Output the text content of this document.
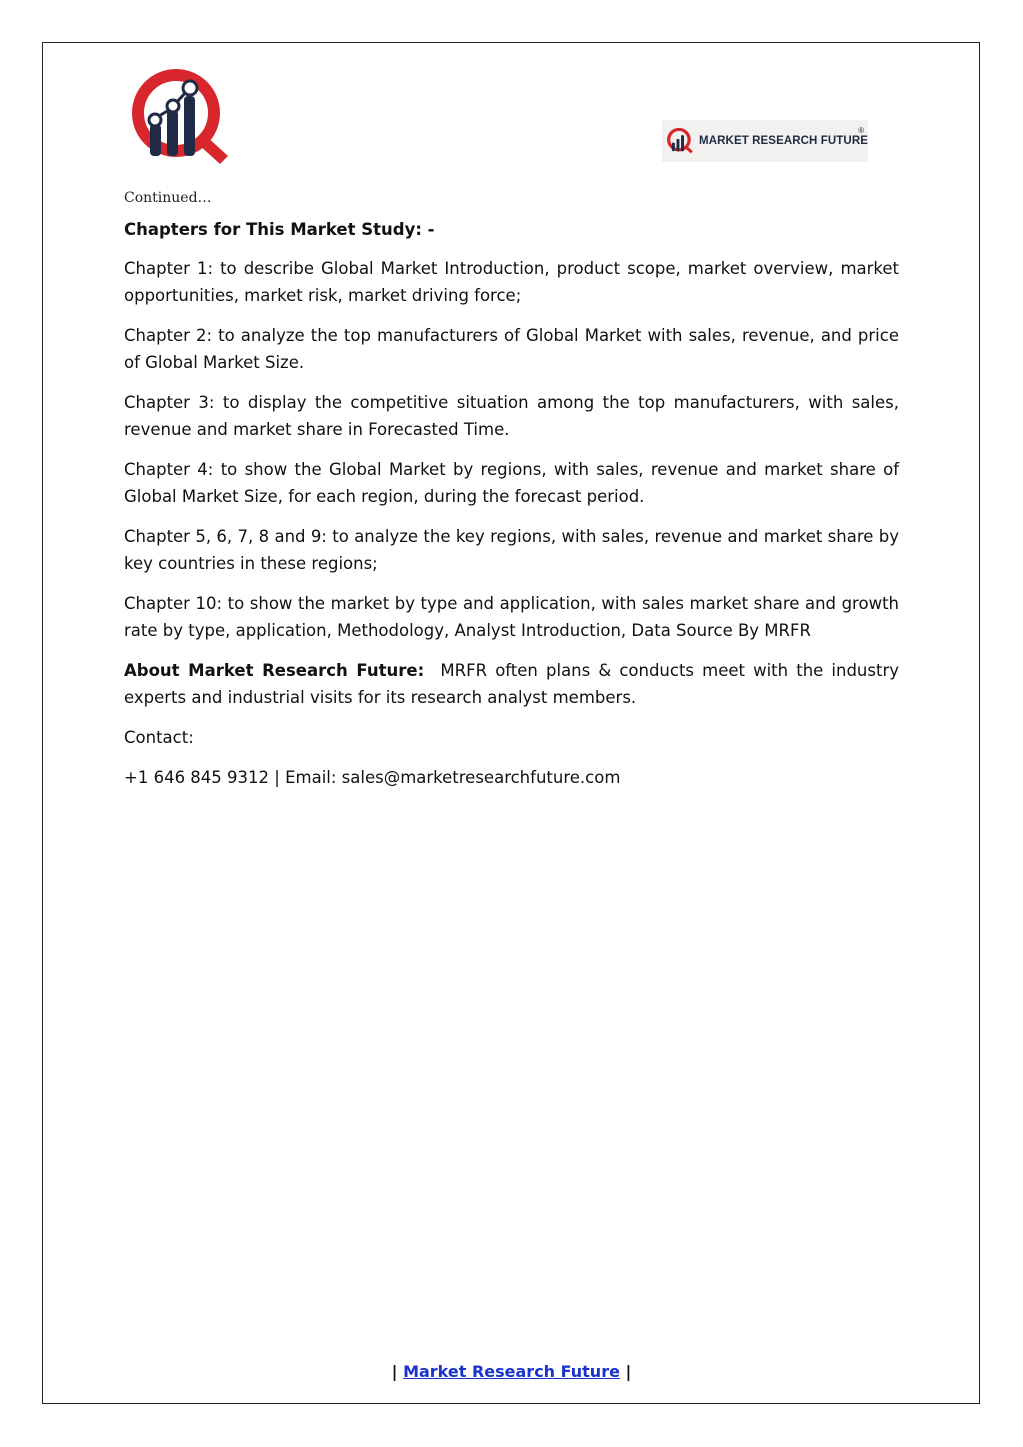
MARKET RESEARCH FUTURE
®

Continued…

Chapters for This Market Study: -

Chapter 1: to describe Global Market Introduction, product scope, market overview, market opportunities, market risk, market driving force;

Chapter 2: to analyze the top manufacturers of Global Market with sales, revenue, and price of Global Market Size.

Chapter 3: to display the competitive situation among the top manufacturers, with sales, revenue and market share in Forecasted Time.

Chapter 4: to show the Global Market by regions, with sales, revenue and market share of Global Market Size, for each region, during the forecast period.

Chapter 5, 6, 7, 8 and 9: to analyze the key regions, with sales, revenue and market share by key countries in these regions;

Chapter 10: to show the market by type and application, with sales market share and growth rate by type, application, Methodology, Analyst Introduction, Data Source By MRFR

About Market Research Future: MRFR often plans & conducts meet with the industry experts and industrial visits for its research analyst members.

Contact:

+1 646 845 9312 | Email: sales@marketresearchfuture.com

| Market Research Future |
